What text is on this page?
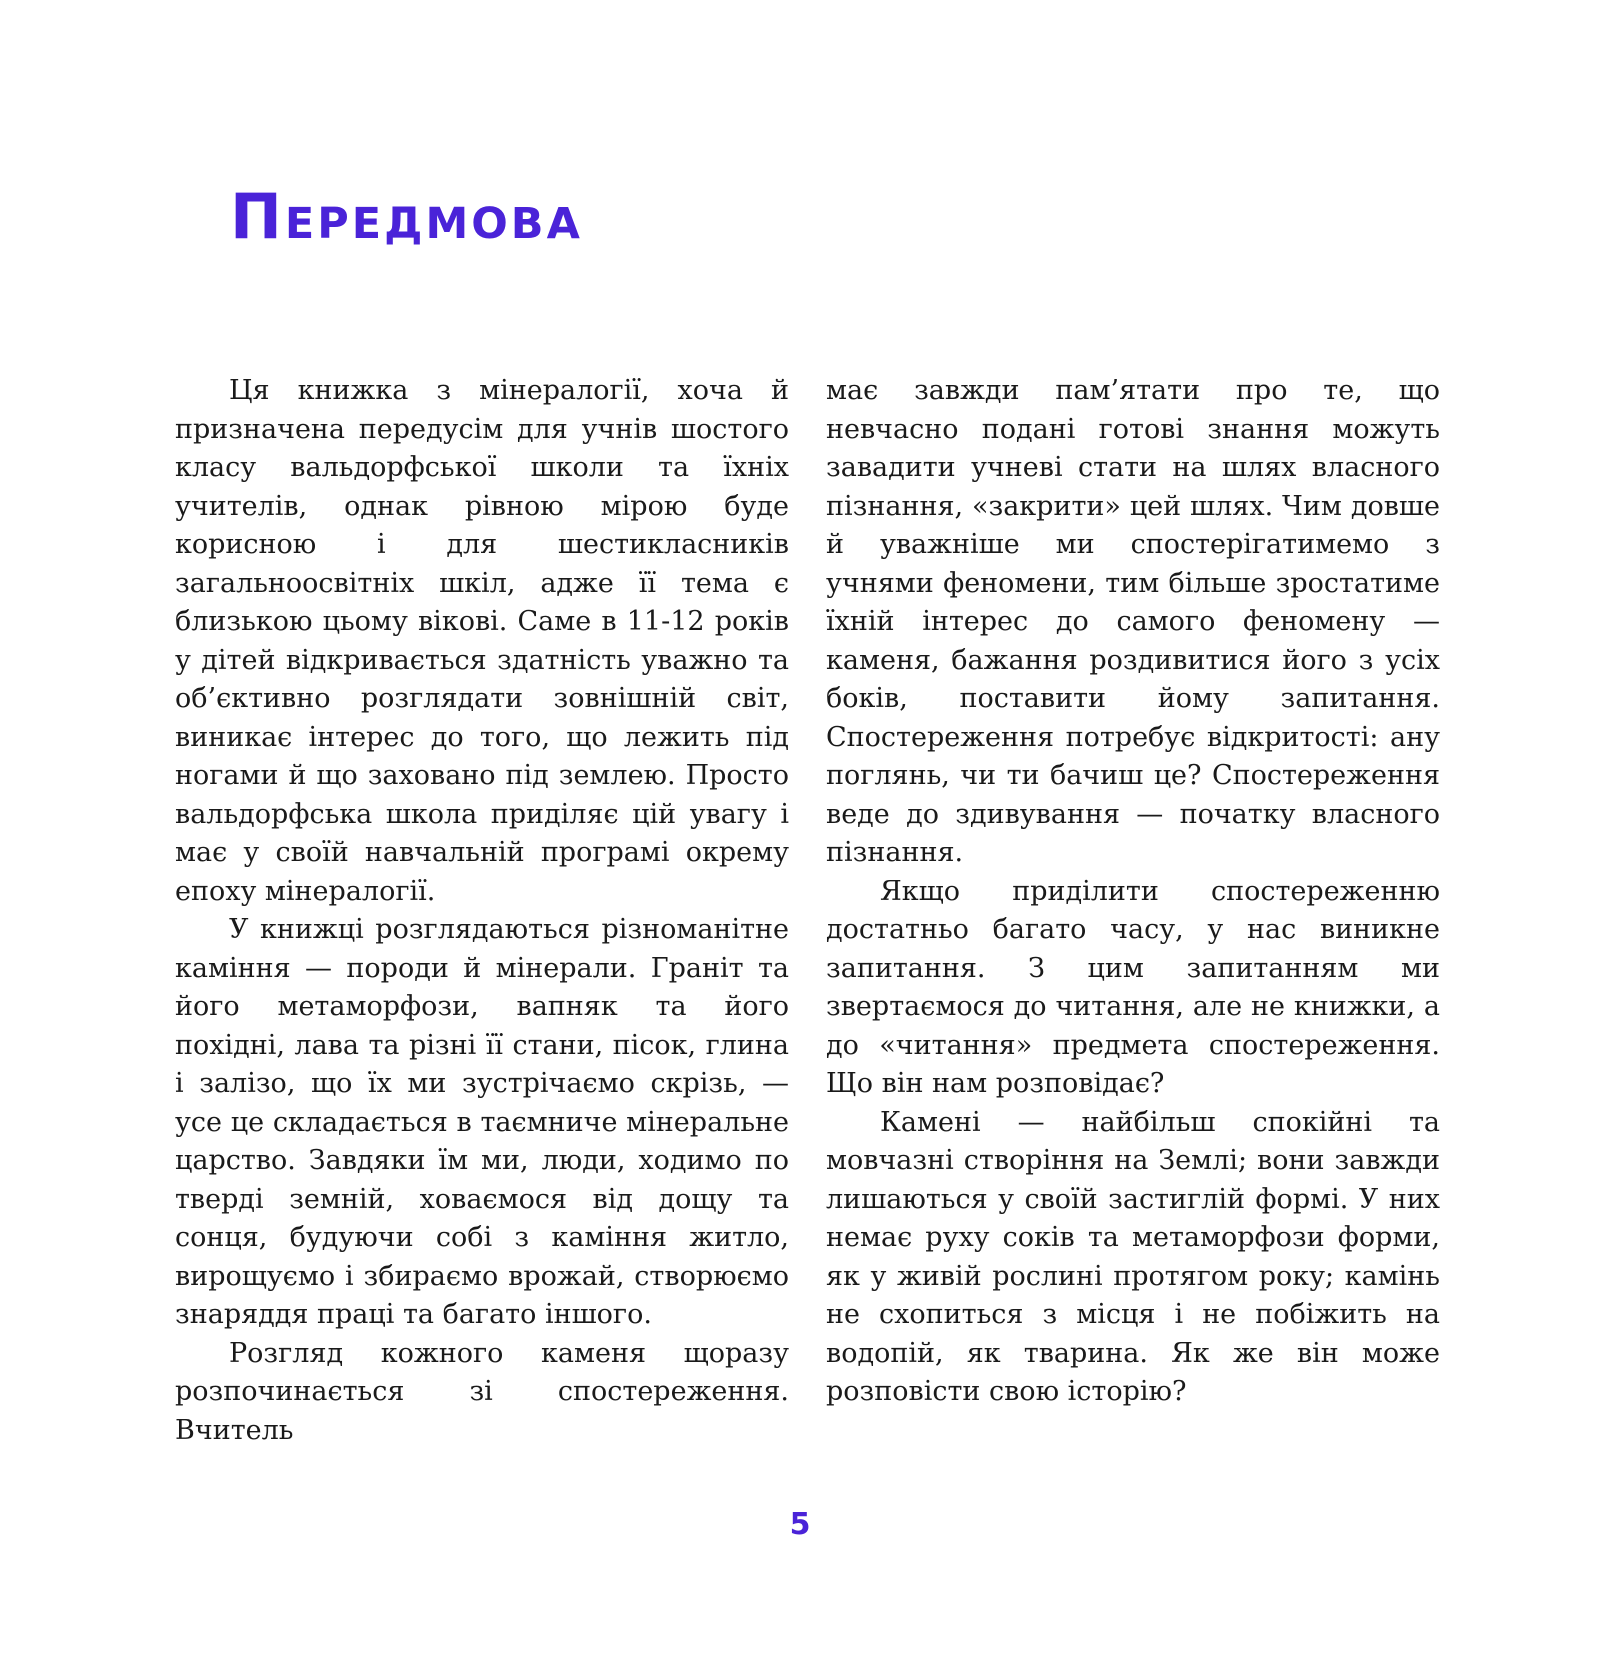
Передмова

Ця книжка з мінералогії, хоча й призначена передусім для учнів шостого класу вальдорфської школи та їхніх учителів, однак рівною мірою буде корисною і для шестикласників загальноосвітніх шкіл, адже її тема є близькою цьому вікові. Саме в 11-12 років у дітей відкривається здатність уважно та об’єктивно розглядати зовнішній світ, виникає інтерес до того, що лежить під ногами й що заховано під землею. Просто вальдорфська школа приділяє цій увагу і має у своїй навчальній програмі окрему епоху мінералогії.

У книжці розглядаються різноманітне каміння — породи й мінерали. Граніт та його метаморфози, вапняк та його похідні, лава та різні її стани, пісок, глина і залізо, що їх ми зустрічаємо скрізь, — усе це складається в таємниче мінеральне царство. Завдяки їм ми, люди, ходимо по тверді земній, ховаємося від дощу та сонця, будуючи собі з каміння житло, вирощуємо і збираємо врожай, створюємо знаряддя праці та багато іншого.

Розгляд кожного каменя щоразу розпочинається зі спостереження. Вчитель

має завжди пам’ятати про те, що невчасно подані готові знання можуть завадити учневі стати на шлях власного пізнання, «закрити» цей шлях. Чим довше й уважніше ми спостерігатимемо з учнями феномени, тим більше зростатиме їхній інтерес до самого феномену — каменя, бажання роздивитися його з усіх боків, поставити йому запитання. Спостереження потребує відкритості: ану поглянь, чи ти бачиш це? Спостереження веде до здивування — початку власного пізнання.

Якщо приділити спостереженню достатньо багато часу, у нас виникне запитання. З цим запитанням ми звертаємося до читання, але не книжки, а до «читання» предмета спостереження. Що він нам розповідає?

Камені — найбільш спокійні та мовчазні створіння на Землі; вони завжди лишаються у своїй застиглій формі. У них немає руху соків та метаморфози форми, як у живій рослині протягом року; камінь не схопиться з місця і не побіжить на водопій, як тварина. Як же він може розповісти свою історію?

5
